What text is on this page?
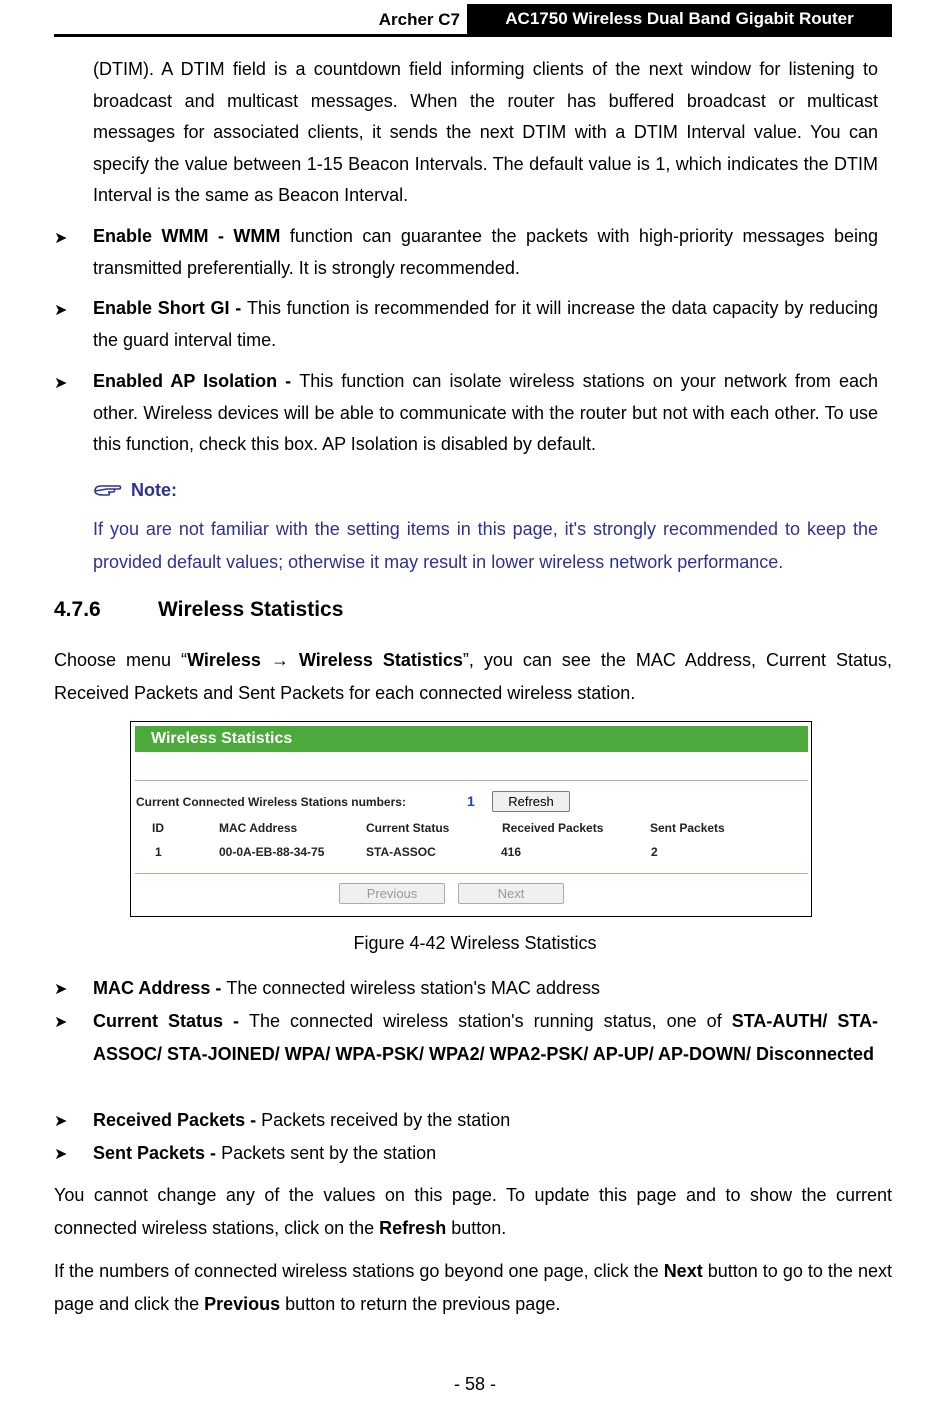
Archer C7	AC1750 Wireless Dual Band Gigabit Router

(DTIM). A DTIM field is a countdown field informing clients of the next window for listening to broadcast and multicast messages. When the router has buffered broadcast or multicast messages for associated clients, it sends the next DTIM with a DTIM Interval value. You can specify the value between 1-15 Beacon Intervals. The default value is 1, which indicates the DTIM Interval is the same as Beacon Interval.

➤ Enable WMM - WMM function can guarantee the packets with high-priority messages being transmitted preferentially. It is strongly recommended.

➤ Enable Short GI - This function is recommended for it will increase the data capacity by reducing the guard interval time.

➤ Enabled AP Isolation - This function can isolate wireless stations on your network from each other. Wireless devices will be able to communicate with the router but not with each other. To use this function, check this box. AP Isolation is disabled by default.

Note:

If you are not familiar with the setting items in this page, it's strongly recommended to keep the provided default values; otherwise it may result in lower wireless network performance.

4.7.6	Wireless Statistics

Choose menu “Wireless → Wireless Statistics”, you can see the MAC Address, Current Status, Received Packets and Sent Packets for each connected wireless station.

Wireless Statistics
Current Connected Wireless Stations numbers:	1	Refresh
ID	MAC Address	Current Status	Received Packets	Sent Packets
1	00-0A-EB-88-34-75	STA-ASSOC	416	2
Previous	Next
Figure 4-42 Wireless Statistics
➤ MAC Address - The connected wireless station's MAC address

➤ Current Status - The connected wireless station's running status, one of STA-AUTH/ STA-ASSOC/ STA-JOINED/ WPA/ WPA-PSK/ WPA2/ WPA2-PSK/ AP-UP/ AP-DOWN/ Disconnected

➤ Received Packets - Packets received by the station

➤ Sent Packets - Packets sent by the station

You cannot change any of the values on this page. To update this page and to show the current connected wireless stations, click on the Refresh button.

If the numbers of connected wireless stations go beyond one page, click the Next button to go to the next page and click the Previous button to return the previous page.

- 58 -
